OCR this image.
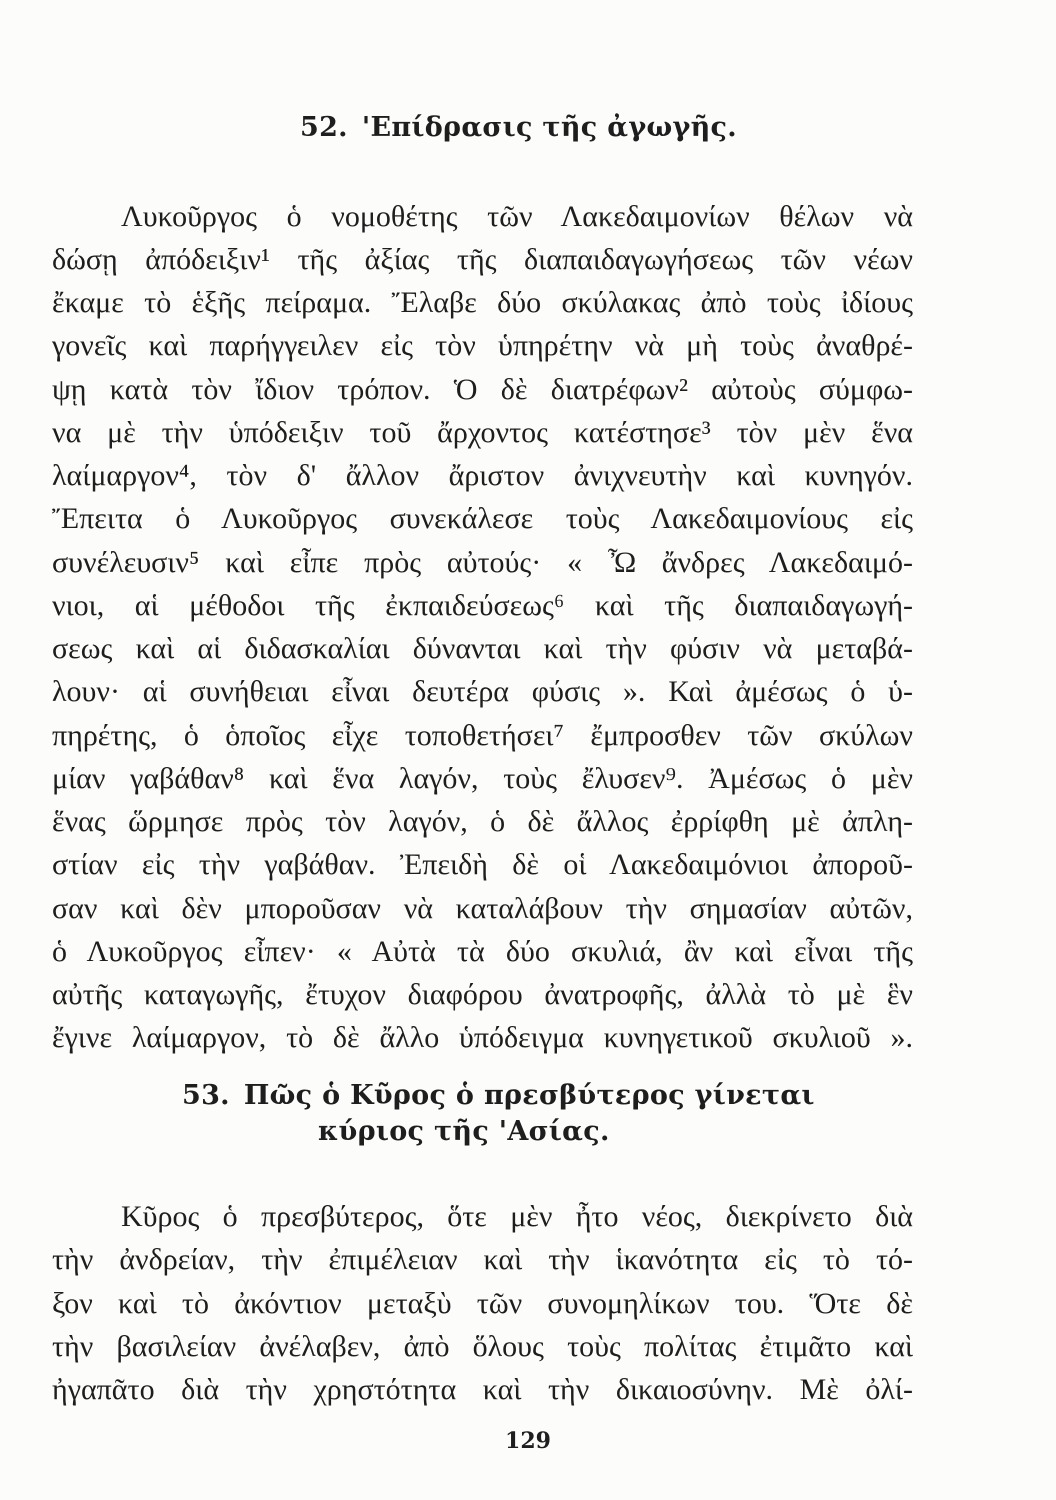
52. 'Επίδρασις τῆς ἀγωγῆς.

Λυκοῦργος ὁ νομοθέτης τῶν Λακεδαιμονίων θέλων νὰ

δώσῃ ἀπόδειξιν¹ τῆς ἀξίας τῆς διαπαιδαγωγήσεως τῶν νέων

ἔκαμε τὸ ἑξῆς πείραμα. Ἔλαβε δύο σκύλακας ἀπὸ τοὺς ἰδίους

γονεῖς καὶ παρήγγειλεν εἰς τὸν ὑπηρέτην νὰ μὴ τοὺς ἀναθρέ-

ψῃ κατὰ τὸν ἴδιον τρόπον. Ὁ δὲ διατρέφων² αὐτοὺς σύμφω-

να μὲ τὴν ὑπόδειξιν τοῦ ἄρχοντος κατέστησε³ τὸν μὲν ἕνα

λαίμαργον⁴, τὸν δ' ἄλλον ἄριστον ἀνιχνευτὴν καὶ κυνηγόν.

Ἔπειτα ὁ Λυκοῦργος συνεκάλεσε τοὺς Λακεδαιμονίους εἰς

συνέλευσιν⁵ καὶ εἶπε πρὸς αὐτούς· « Ὦ ἄνδρες Λακεδαιμό-

νιοι, αἱ μέθοδοι τῆς ἐκπαιδεύσεως⁶ καὶ τῆς διαπαιδαγωγή-

σεως καὶ αἱ διδασκαλίαι δύνανται καὶ τὴν φύσιν νὰ μεταβά-

λουν· αἱ συνήθειαι εἶναι δευτέρα φύσις ». Καὶ ἀμέσως ὁ ὑ-

πηρέτης, ὁ ὁποῖος εἶχε τοποθετήσει⁷ ἔμπροσθεν τῶν σκύλων

μίαν γαβάθαν⁸ καὶ ἕνα λαγόν, τοὺς ἔλυσεν⁹. Ἀμέσως ὁ μὲν

ἕνας ὥρμησε πρὸς τὸν λαγόν, ὁ δὲ ἄλλος ἐρρίφθη μὲ ἀπλη-

στίαν εἰς τὴν γαβάθαν. Ἐπειδὴ δὲ οἱ Λακεδαιμόνιοι ἀποροῦ-

σαν καὶ δὲν μποροῦσαν νὰ καταλάβουν τὴν σημασίαν αὐτῶν,

ὁ Λυκοῦργος εἶπεν· « Αὐτὰ τὰ δύο σκυλιά, ἂν καὶ εἶναι τῆς

αὐτῆς καταγωγῆς, ἔτυχον διαφόρου ἀνατροφῆς, ἀλλὰ τὸ μὲ ἓν

ἔγινε λαίμαργον, τὸ δὲ ἄλλο ὑπόδειγμα κυνηγετικοῦ σκυλιοῦ ».

53. Πῶς ὁ Κῦρος ὁ πρεσβύτερος γίνεται
κύριος τῆς 'Ασίας.

Κῦρος ὁ πρεσβύτερος, ὅτε μὲν ἦτο νέος, διεκρίνετο διὰ

τὴν ἀνδρείαν, τὴν ἐπιμέλειαν καὶ τὴν ἱκανότητα εἰς τὸ τό-

ξον καὶ τὸ ἀκόντιον μεταξὺ τῶν συνομηλίκων του. Ὅτε δὲ

τὴν βασιλείαν ἀνέλαβεν, ἀπὸ ὅλους τοὺς πολίτας ἐτιμᾶτο καὶ

ἠγαπᾶτο διὰ τὴν χρηστότητα καὶ τὴν δικαιοσύνην. Μὲ ὀλί-

129
